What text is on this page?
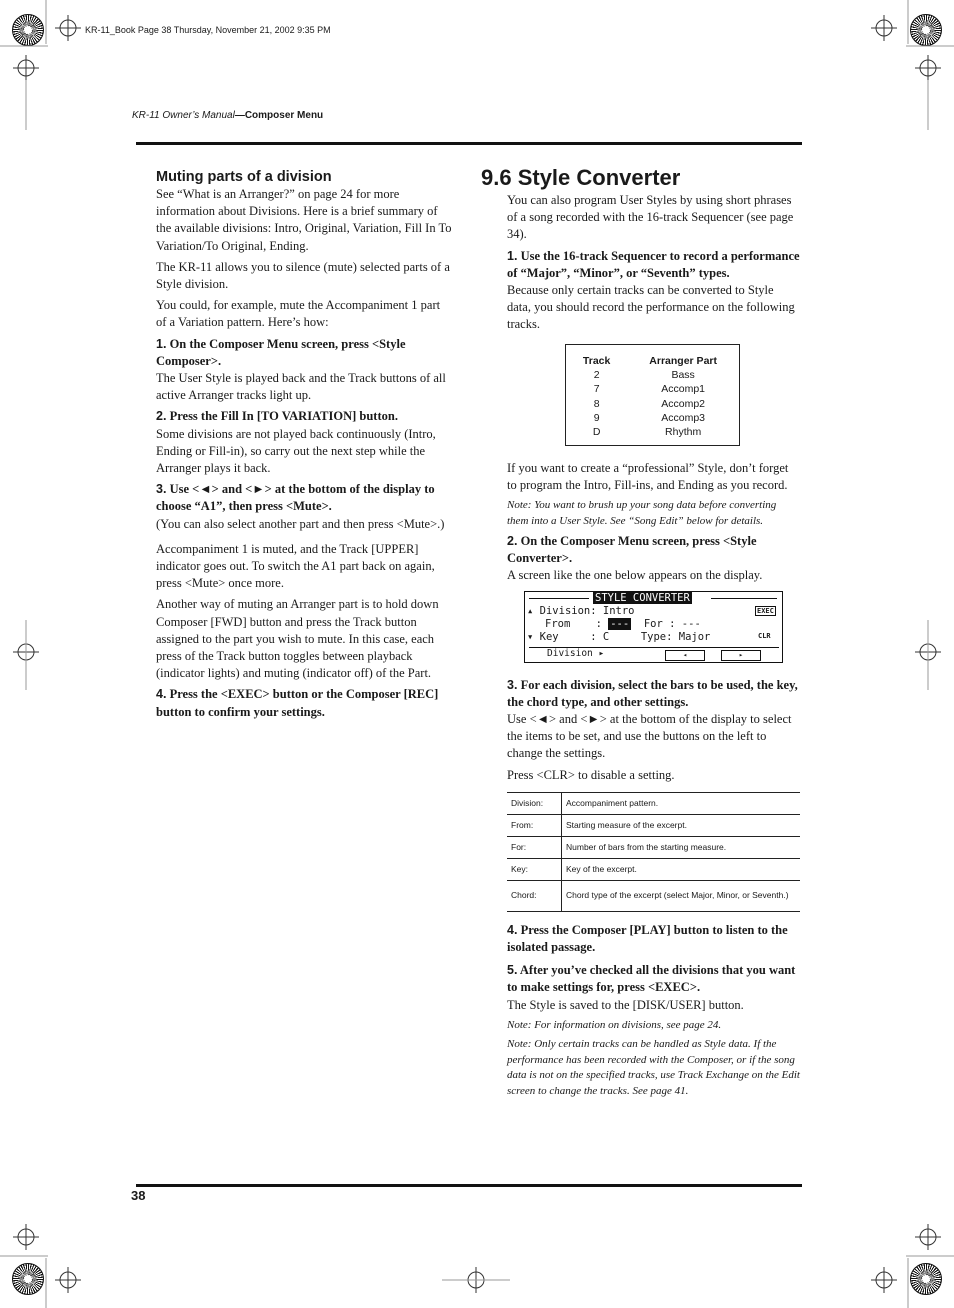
KR-11_Book Page 38 Thursday, November 21, 2002 9:35 PM
KR-11 Owner’s Manual—Composer Menu

Muting parts of a division

See “What is an Arranger?” on page 24 for more information about Divisions. Here is a brief summary of the available divisions: Intro, Original, Variation, Fill In To Variation/To Original, Ending.

The KR-11 allows you to silence (mute) selected parts of a Style division.

You could, for example, mute the Accompaniment 1 part of a Variation pattern. Here’s how:

1. On the Composer Menu screen, press <Style Composer>.

The User Style is played back and the Track buttons of all active Arranger tracks light up.

2. Press the Fill In [TO VARIATION] button.

Some divisions are not played back continuously (Intro, Ending or Fill-in), so carry out the next step while the Arranger plays it back.

3. Use <◄> and <►> at the bottom of the display to choose “A1”, then press <Mute>.

(You can also select another part and then press <Mute>.)

Accompaniment 1 is muted, and the Track [UPPER] indicator goes out. To switch the A1 part back on again, press <Mute> once more.

Another way of muting an Arranger part is to hold down Composer [FWD] button and press the Track button assigned to the part you wish to mute. In this case, each press of the Track button toggles between playback (indicator lights) and muting (indicator off) of the Part.

4. Press the <EXEC> button or the Composer [REC] button to confirm your settings.

9.6 Style Converter

You can also program User Styles by using short phrases of a song recorded with the 16-track Sequencer (see page 34).

1. Use the 16-track Sequencer to record a performance of “Major”, “Minor”, or “Seventh” types.

Because only certain tracks can be converted to Style data, you should record the performance on the following tracks.

Track	Arranger Part
2	Bass
7	Accomp1
8	Accomp2
9	Accomp3
D	Rhythm

If you want to create a “professional” Style, don’t forget to program the Intro, Fill-ins, and Ending as you record.

Note: You want to brush up your song data before converting them into a User Style. See “Song Edit” below for details.

2. On the Composer Menu screen, press <Style Converter>.

A screen like the one below appears on the display.

STYLE CONVERTER
▴ Division: Intro	EXEC
From    : --- For : ---
▾ Key     : C	Type: Major	CLR
Division ▸	◂	▸

3. For each division, select the bars to be used, the key, the chord type, and other settings.

Use <◄> and <►> at the bottom of the display to select the items to be set, and use the buttons on the left to change the settings.

Press <CLR> to disable a setting.

Division:	Accompaniment pattern.
From:	Starting measure of the excerpt.
For:	Number of bars from the starting measure.
Key:	Key of the excerpt.
Chord:	Chord type of the excerpt (select Major, Minor, or Seventh.)

4. Press the Composer [PLAY] button to listen to the isolated passage.

5. After you’ve checked all the divisions that you want to make settings for, press <EXEC>.

The Style is saved to the [DISK/USER] button.

Note: For information on divisions, see page 24.

Note: Only certain tracks can be handled as Style data. If the performance has been recorded with the Composer, or if the song data is not on the specified tracks, use Track Exchange on the Edit screen to change the tracks. See page 41.

38
